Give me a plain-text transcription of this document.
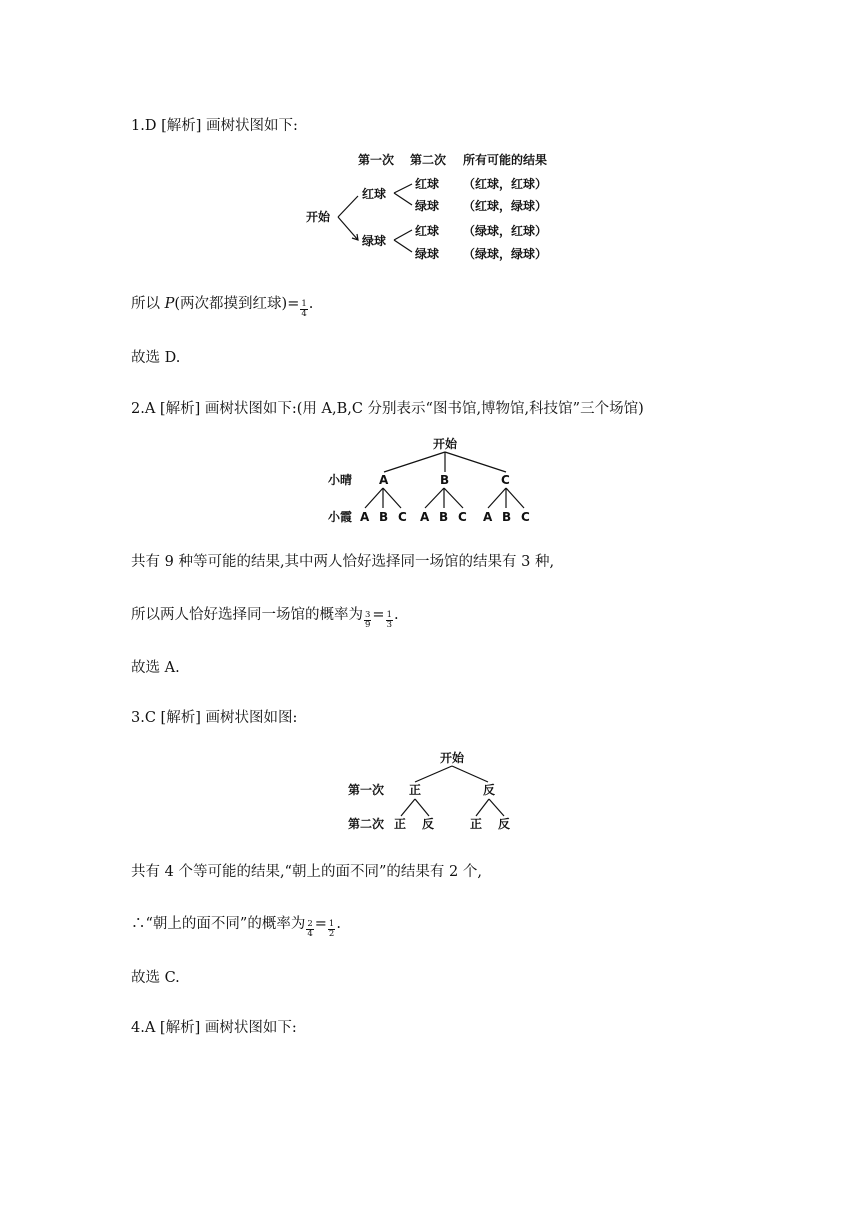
1.D [解析] 画树状图如下:
第一次 第二次 所有可能的结果
开始
红球
绿球
红球
绿球
红球
绿球
（红球，红球）
（红球，绿球）
（绿球，红球）
（绿球，绿球）
所以 P(两次都摸到红球)= $\frac{1}{4}$ .
故选 D.
2.A [解析] 画树状图如下:(用 A,B,C 分别表示“图书馆,博物馆,科技馆”三个场馆)
开始
小晴 A	B	C
小霞 A B C A B C A B C
共有 9 种等可能的结果,其中两人恰好选择同一场馆的结果有 3 种,
所以两人恰好选择同一场馆的概率为 $\frac{3}{9} = \frac{1}{3}$ .
故选 A.
3.C [解析] 画树状图如图:
开始
第一次 正	反
第二次 正 反	正 反
共有 4 个等可能的结果,“朝上的面不同”的结果有 2 个,
∴“朝上的面不同”的概率为 $\frac{2}{4} = \frac{1}{2}$ .
故选 C.
4.A [解析] 画树状图如下:
